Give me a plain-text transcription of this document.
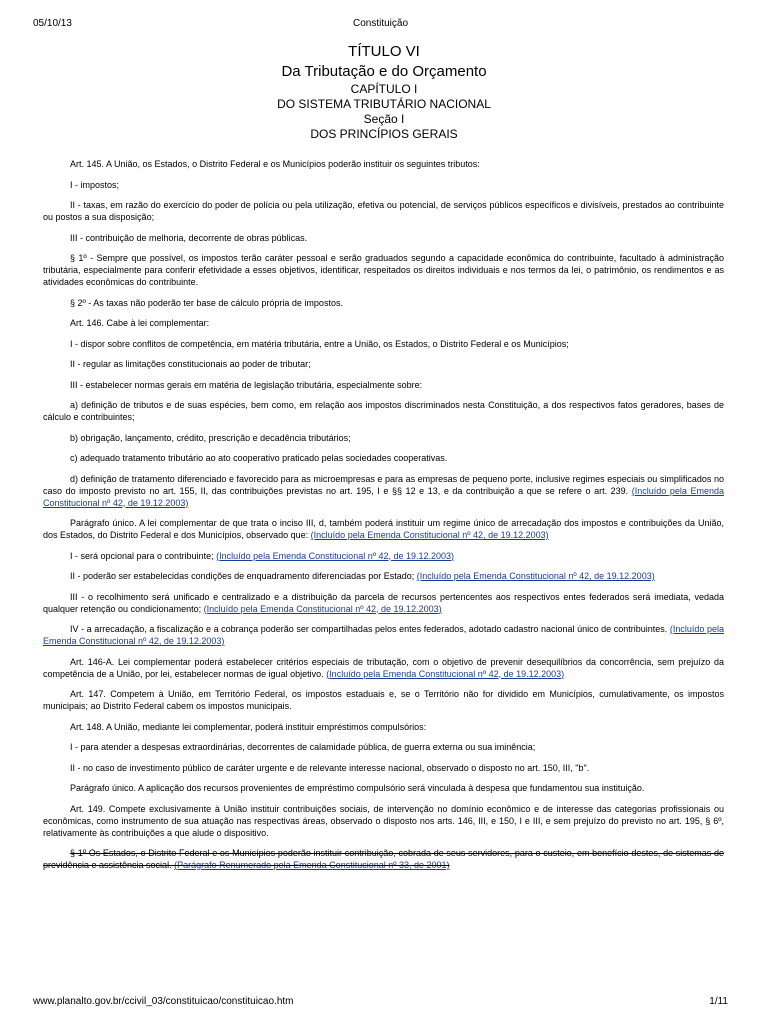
05/10/13	Constituição
TÍTULO VI
Da Tributação e do Orçamento
CAPÍTULO I
DO SISTEMA TRIBUTÁRIO NACIONAL
Seção I
DOS PRINCÍPIOS GERAIS

Art. 145. A União, os Estados, o Distrito Federal e os Municípios poderão instituir os seguintes tributos:

I - impostos;

II - taxas, em razão do exercício do poder de polícia ou pela utilização, efetiva ou potencial, de serviços públicos específicos e divisíveis, prestados ao contribuinte ou postos a sua disposição;

III - contribuição de melhoria, decorrente de obras públicas.

§ 1º - Sempre que possível, os impostos terão caráter pessoal e serão graduados segundo a capacidade econômica do contribuinte, facultado à administração tributária, especialmente para conferir efetividade a esses objetivos, identificar, respeitados os direitos individuais e nos termos da lei, o patrimônio, os rendimentos e as atividades econômicas do contribuinte.

§ 2º - As taxas não poderão ter base de cálculo própria de impostos.

Art. 146. Cabe à lei complementar:

I - dispor sobre conflitos de competência, em matéria tributária, entre a União, os Estados, o Distrito Federal e os Municípios;

II - regular as limitações constitucionais ao poder de tributar;

III - estabelecer normas gerais em matéria de legislação tributária, especialmente sobre:

a) definição de tributos e de suas espécies, bem como, em relação aos impostos discriminados nesta Constituição, a dos respectivos fatos geradores, bases de cálculo e contribuintes;

b) obrigação, lançamento, crédito, prescrição e decadência tributários;

c) adequado tratamento tributário ao ato cooperativo praticado pelas sociedades cooperativas.

d) definição de tratamento diferenciado e favorecido para as microempresas e para as empresas de pequeno porte, inclusive regimes especiais ou simplificados no caso do imposto previsto no art. 155, II, das contribuições previstas no art. 195, I e §§ 12 e 13, e da contribuição a que se refere o art. 239. (Incluído pela Emenda Constitucional nº 42, de 19.12.2003)

Parágrafo único. A lei complementar de que trata o inciso III, d, também poderá instituir um regime único de arrecadação dos impostos e contribuições da União, dos Estados, do Distrito Federal e dos Municípios, observado que: (Incluído pela Emenda Constitucional nº 42, de 19.12.2003)

I - será opcional para o contribuinte; (Incluído pela Emenda Constitucional nº 42, de 19.12.2003)

II - poderão ser estabelecidas condições de enquadramento diferenciadas por Estado; (Incluído pela Emenda Constitucional nº 42, de 19.12.2003)

III - o recolhimento será unificado e centralizado e a distribuição da parcela de recursos pertencentes aos respectivos entes federados será imediata, vedada qualquer retenção ou condicionamento; (Incluído pela Emenda Constitucional nº 42, de 19.12.2003)

IV - a arrecadação, a fiscalização e a cobrança poderão ser compartilhadas pelos entes federados, adotado cadastro nacional único de contribuintes. (Incluído pela Emenda Constitucional nº 42, de 19.12.2003)

Art. 146-A. Lei complementar poderá estabelecer critérios especiais de tributação, com o objetivo de prevenir desequilíbrios da concorrência, sem prejuízo da competência de a União, por lei, estabelecer normas de igual objetivo. (Incluído pela Emenda Constitucional nº 42, de 19.12.2003)

Art. 147. Competem à União, em Território Federal, os impostos estaduais e, se o Território não for dividido em Municípios, cumulativamente, os impostos municipais; ao Distrito Federal cabem os impostos municipais.

Art. 148. A União, mediante lei complementar, poderá instituir empréstimos compulsórios:

I - para atender a despesas extraordinárias, decorrentes de calamidade pública, de guerra externa ou sua iminência;

II - no caso de investimento público de caráter urgente e de relevante interesse nacional, observado o disposto no art. 150, III, "b".

Parágrafo único. A aplicação dos recursos provenientes de empréstimo compulsório será vinculada à despesa que fundamentou sua instituição.

Art. 149. Compete exclusivamente à União instituir contribuições sociais, de intervenção no domínio econômico e de interesse das categorias profissionais ou econômicas, como instrumento de sua atuação nas respectivas áreas, observado o disposto nos arts. 146, III, e 150, I e III, e sem prejuízo do previsto no art. 195, § 6º, relativamente às contribuições a que alude o dispositivo.

§ 1º Os Estados, o Distrito Federal e os Municípios poderão instituir contribuição, cobrada de seus servidores, para o custeio, em benefício destes, de sistemas de previdência e assistência social. (Parágrafo Renumerado pela Emenda Constitucional nº 33, de 2001)

www.planalto.gov.br/ccivil_03/constituicao/constituicao.htm	1/11
